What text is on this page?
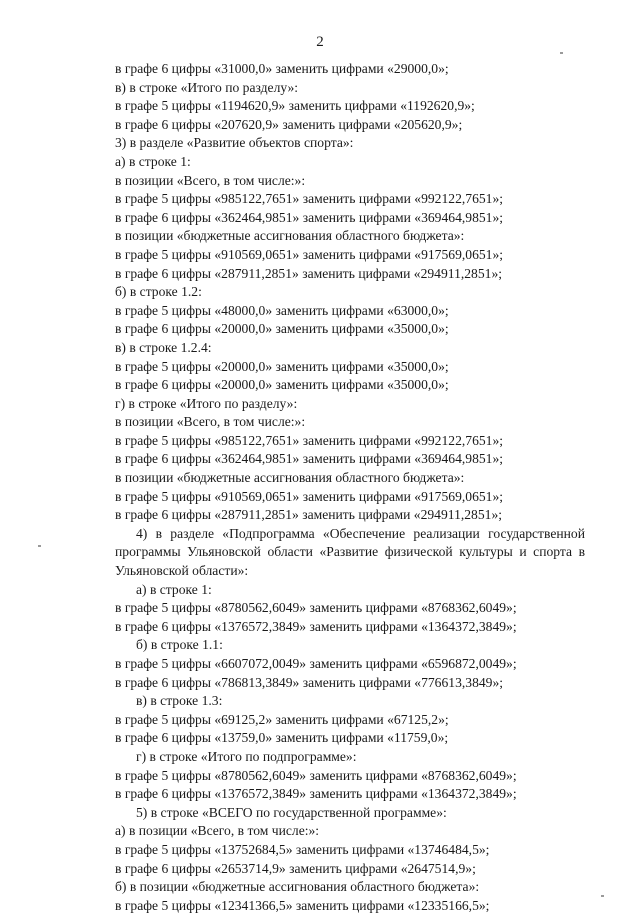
2
в графе 6 цифры «31000,0» заменить цифрами «29000,0»;
в) в строке «Итого по разделу»:
в графе 5 цифры «1194620,9» заменить цифрами «1192620,9»;
в графе 6 цифры «207620,9» заменить цифрами «205620,9»;
3) в разделе «Развитие объектов спорта»:
а) в строке 1:
в позиции «Всего, в том числе:»:
в графе 5 цифры «985122,7651» заменить цифрами «992122,7651»;
в графе 6 цифры «362464,9851» заменить цифрами «369464,9851»;
в позиции «бюджетные ассигнования областного бюджета»:
в графе 5 цифры «910569,0651» заменить цифрами «917569,0651»;
в графе 6 цифры «287911,2851» заменить цифрами «294911,2851»;
б) в строке 1.2:
в графе 5 цифры «48000,0» заменить цифрами «63000,0»;
в графе 6 цифры «20000,0» заменить цифрами «35000,0»;
в) в строке 1.2.4:
в графе 5 цифры «20000,0» заменить цифрами «35000,0»;
в графе 6 цифры «20000,0» заменить цифрами «35000,0»;
г) в строке «Итого по разделу»:
в позиции «Всего, в том числе:»:
в графе 5 цифры «985122,7651» заменить цифрами «992122,7651»;
в графе 6 цифры «362464,9851» заменить цифрами «369464,9851»;
в позиции «бюджетные ассигнования областного бюджета»:
в графе 5 цифры «910569,0651» заменить цифрами «917569,0651»;
в графе 6 цифры «287911,2851» заменить цифрами «294911,2851»;
4) в разделе «Подпрограмма «Обеспечение реализации государственной программы Ульяновской области «Развитие физической культуры и спорта в Ульяновской области»:
а) в строке 1:
в графе 5 цифры «8780562,6049» заменить цифрами «8768362,6049»;
в графе 6 цифры «1376572,3849» заменить цифрами «1364372,3849»;
б) в строке 1.1:
в графе 5 цифры «6607072,0049» заменить цифрами «6596872,0049»;
в графе 6 цифры «786813,3849» заменить цифрами «776613,3849»;
в) в строке 1.3:
в графе 5 цифры «69125,2» заменить цифрами «67125,2»;
в графе 6 цифры «13759,0» заменить цифрами «11759,0»;
г) в строке «Итого по подпрограмме»:
в графе 5 цифры «8780562,6049» заменить цифрами «8768362,6049»;
в графе 6 цифры «1376572,3849» заменить цифрами «1364372,3849»;
5) в строке «ВСЕГО по государственной программе»:
а) в позиции «Всего, в том числе:»:
в графе 5 цифры «13752684,5» заменить цифрами «13746484,5»;
в графе 6 цифры «2653714,9» заменить цифрами «2647514,9»;
б) в позиции «бюджетные ассигнования областного бюджета»:
в графе 5 цифры «12341366,5» заменить цифрами «12335166,5»;
